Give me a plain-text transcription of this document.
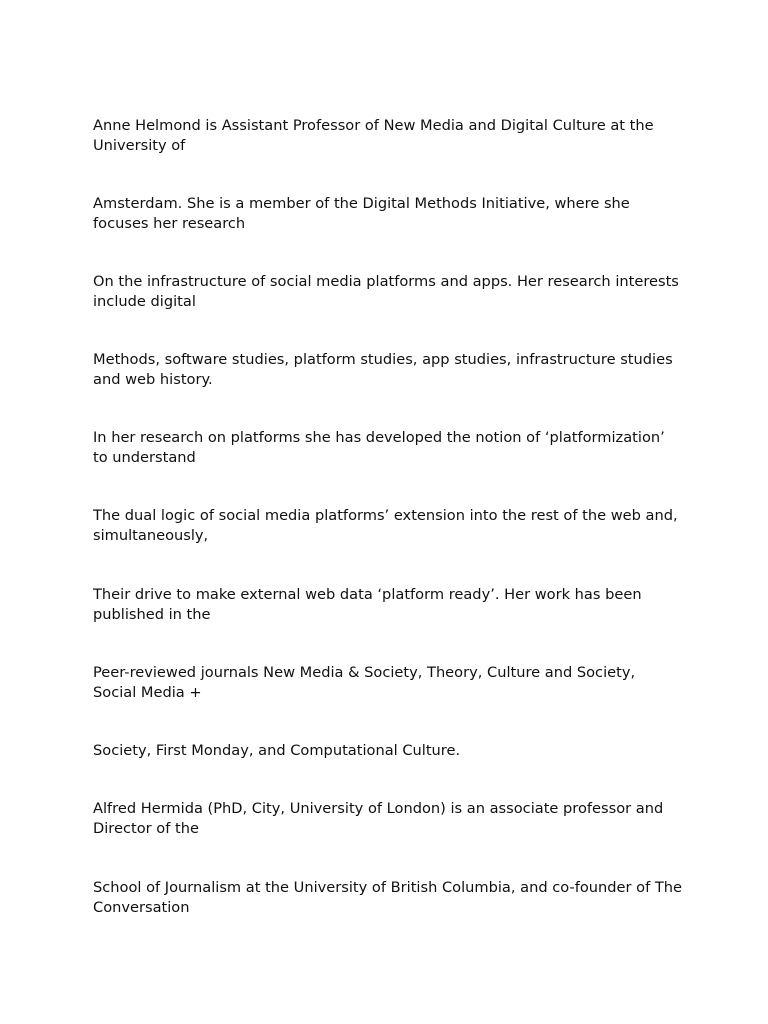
Anne Helmond is Assistant Professor of New Media and Digital Culture at the University of

Amsterdam. She is a member of the Digital Methods Initiative, where she focuses her research

On the infrastructure of social media platforms and apps. Her research interests include digital

Methods, software studies, platform studies, app studies, infrastructure studies and web history.

In her research on platforms she has developed the notion of ‘platformization’ to understand

The dual logic of social media platforms’ extension into the rest of the web and, simultaneously,

Their drive to make external web data ‘platform ready’. Her work has been published in the

Peer-reviewed journals New Media & Society, Theory, Culture and Society, Social Media +

Society, First Monday, and Computational Culture.

Alfred Hermida (PhD, City, University of London) is an associate professor and Director of the

School of Journalism at the University of British Columbia, and co-founder of The Conversation
